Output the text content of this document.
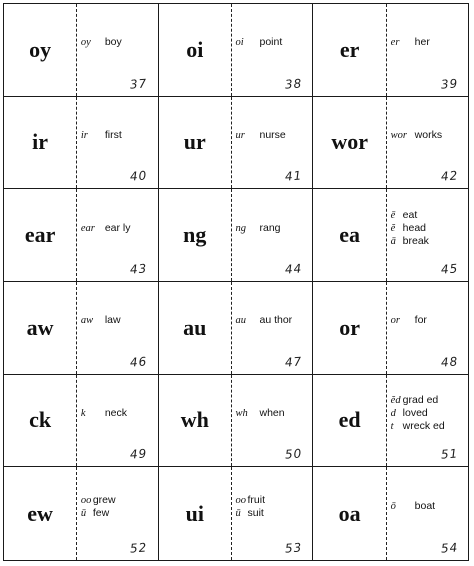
oy	oy	boy
37
oi	oi	point
38
er	er	her
39
ir	ir	first
40
ur	ur	nurse
41
wor	wor works
42
ear	ear ear ly
43
ng	ng	rang
44
ea
ē eat
ĕ head
ā break
45
aw	aw	law
46
au	au	au thor
47
or	or	for
48
ck	k	neck
49
wh	wh	when
50
ed
ĕd grad ed
d loved
t wreck ed
51
ew
oo grew
ū few
52
ui
oo fruit
ū suit
53
oa	ō	boat
54
